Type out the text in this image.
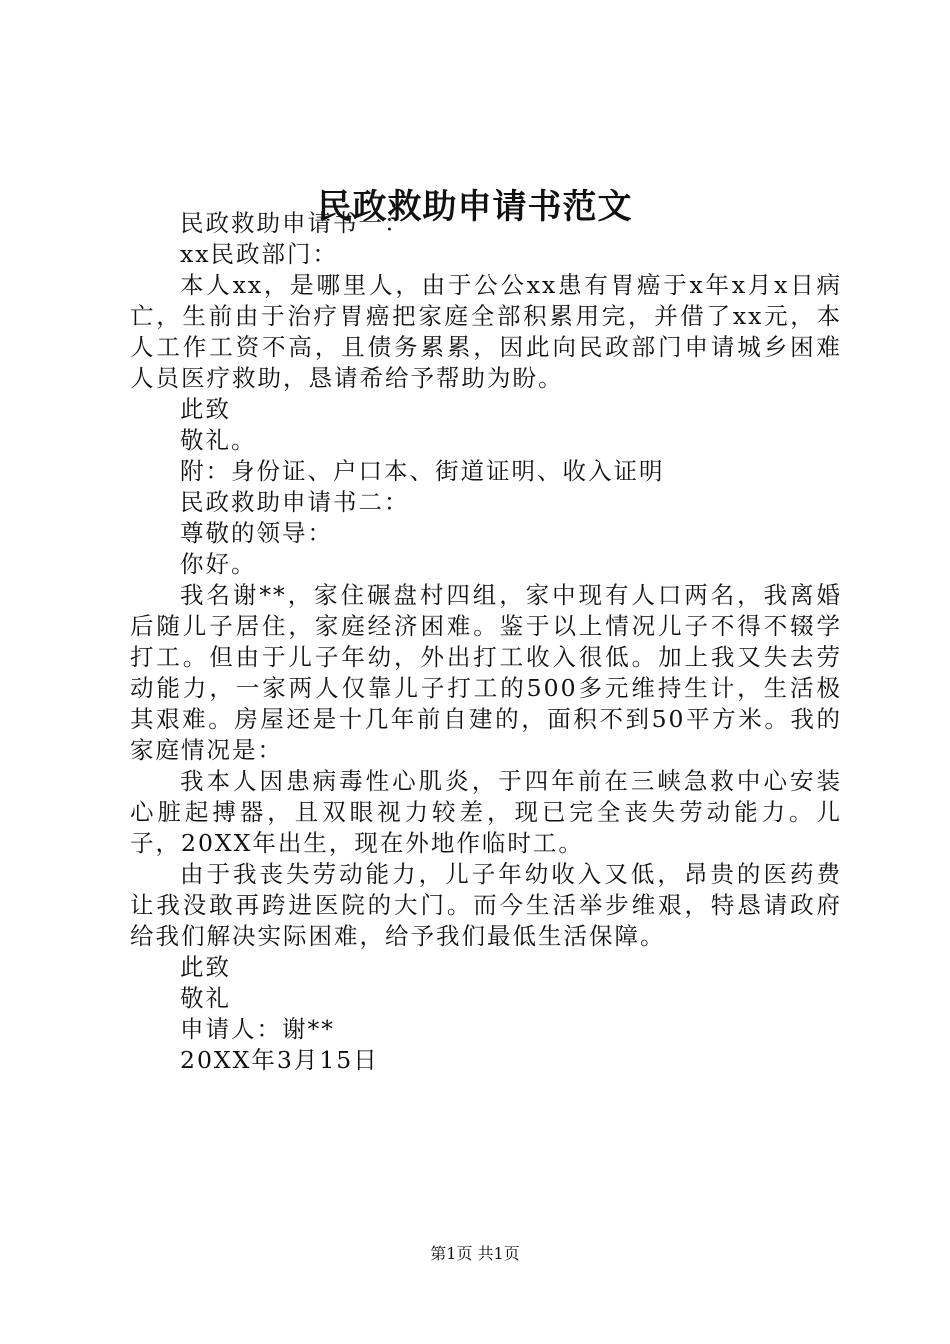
民政救助申请书范文

民政救助申请书一：

xx民政部门：

本人xx，是哪里人，由于公公xx患有胃癌于x年x月x日病亡，生前由于治疗胃癌把家庭全部积累用完，并借了xx元，本人工作工资不高，且债务累累，因此向民政部门申请城乡困难人员医疗救助，恳请希给予帮助为盼。

此致

敬礼。

附：身份证、户口本、街道证明、收入证明

民政救助申请书二：

尊敬的领导：

你好。

我名谢**，家住碾盘村四组，家中现有人口两名，我离婚后随儿子居住，家庭经济困难。鉴于以上情况儿子不得不辍学打工。但由于儿子年幼，外出打工收入很低。加上我又失去劳动能力，一家两人仅靠儿子打工的500多元维持生计，生活极其艰难。房屋还是十几年前自建的，面积不到50平方米。我的家庭情况是：

我本人因患病毒性心肌炎，于四年前在三峡急救中心安装心脏起搏器，且双眼视力较差，现已完全丧失劳动能力。儿子，20XX年出生，现在外地作临时工。

由于我丧失劳动能力，儿子年幼收入又低，昂贵的医药费让我没敢再跨进医院的大门。而今生活举步维艰，特恳请政府给我们解决实际困难，给予我们最低生活保障。

此致

敬礼

申请人：谢**

20XX年3月15日

第1页 共1页
